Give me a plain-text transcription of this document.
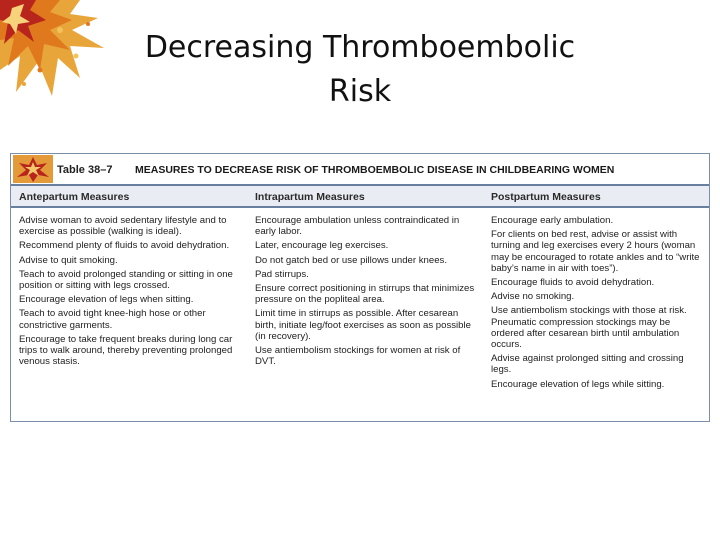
Decreasing Thromboembolic
Risk
Table 38–7 MEASURES TO DECREASE RISK OF THROMBOEMBOLIC DISEASE IN CHILDBEARING WOMEN
Antepartum Measures	Intrapartum Measures	Postpartum Measures
Advise woman to avoid sedentary lifestyle and to exercise as possible (walking is ideal).
Recommend plenty of fluids to avoid dehydration.
Advise to quit smoking.
Teach to avoid prolonged standing or sitting in one position or sitting with legs crossed.
Encourage elevation of legs when sitting.
Teach to avoid tight knee-high hose or other constrictive garments.
Encourage to take frequent breaks during long car trips to walk around, thereby preventing prolonged venous stasis.
Encourage ambulation unless contraindicated in early labor.
Later, encourage leg exercises.
Do not gatch bed or use pillows under knees.
Pad stirrups.
Ensure correct positioning in stirrups that minimizes pressure on the popliteal area.
Limit time in stirrups as possible. After cesarean birth, initiate leg/foot exercises as soon as possible (in recovery).
Use antiembolism stockings for women at risk of DVT.
Encourage early ambulation.
For clients on bed rest, advise or assist with turning and leg exercises every 2 hours (woman may be encouraged to rotate ankles and to “write baby’s name in air with toes”).
Encourage fluids to avoid dehydration.
Advise no smoking.
Use antiembolism stockings with those at risk. Pneumatic compression stockings may be ordered after cesarean birth until ambulation occurs.
Advise against prolonged sitting and crossing legs.
Encourage elevation of legs while sitting.
